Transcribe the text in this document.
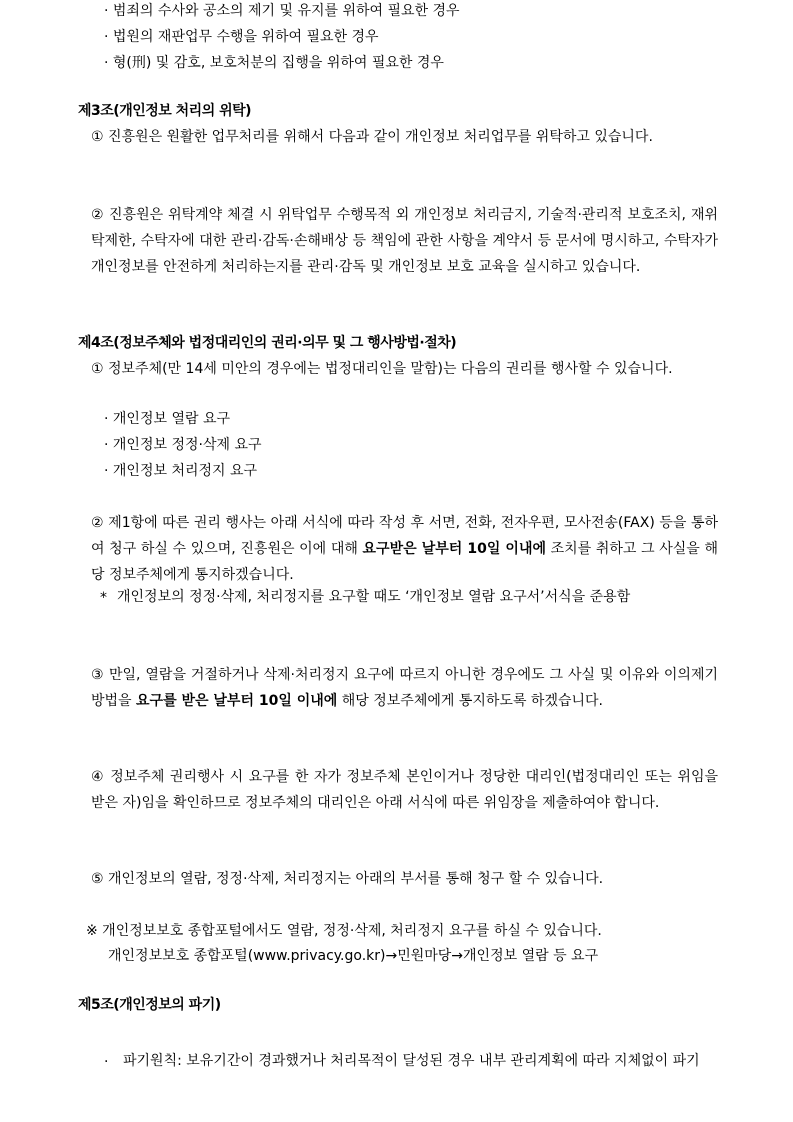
· 범죄의 수사와 공소의 제기 및 유지를 위하여 필요한 경우
· 법원의 재판업무 수행을 위하여 필요한 경우
· 형(刑) 및 감호, 보호처분의 집행을 위하여 필요한 경우
제3조(개인정보 처리의 위탁)
① 진흥원은 원활한 업무처리를 위해서 다음과 같이 개인정보 처리업무를 위탁하고 있습니다.
② 진흥원은 위탁계약 체결 시 위탁업무 수행목적 외 개인정보 처리금지, 기술적·관리적 보호조치, 재위탁제한, 수탁자에 대한 관리·감독·손해배상 등 책임에 관한 사항을 계약서 등 문서에 명시하고, 수탁자가 개인정보를 안전하게 처리하는지를 관리·감독 및 개인정보 보호 교육을 실시하고 있습니다.
제4조(정보주체와 법정대리인의 권리·의무 및 그 행사방법·절차)
① 정보주체(만 14세 미안의 경우에는 법정대리인을 말함)는 다음의 권리를 행사할 수 있습니다.
· 개인정보 열람 요구
· 개인정보 정정·삭제 요구
· 개인정보 처리정지 요구
② 제1항에 따른 권리 행사는 아래 서식에 따라 작성 후 서면, 전화, 전자우편, 모사전송(FAX) 등을 통하여 청구 하실 수 있으며, 진흥원은 이에 대해 요구받은 날부터 10일 이내에 조치를 취하고 그 사실을 해당 정보주체에게 통지하겠습니다.
* 개인정보의 정정·삭제, 처리정지를 요구할 때도 ‘개인정보 열람 요구서’서식을 준용함
③ 만일, 열람을 거절하거나 삭제·처리정지 요구에 따르지 아니한 경우에도 그 사실 및 이유와 이의제기 방법을 요구를 받은 날부터 10일 이내에 해당 정보주체에게 통지하도록 하겠습니다.
④ 정보주체 권리행사 시 요구를 한 자가 정보주체 본인이거나 정당한 대리인(법정대리인 또는 위임을 받은 자)임을 확인하므로 정보주체의 대리인은 아래 서식에 따른 위임장을 제출하여야 합니다.
⑤ 개인정보의 열람, 정정·삭제, 처리정지는 아래의 부서를 통해 청구 할 수 있습니다.
※ 개인정보보호 종합포털에서도 열람, 정정·삭제, 처리정지 요구를 하실 수 있습니다.
개인정보보호 종합포털(www.privacy.go.kr)→민원마당→개인정보 열람 등 요구
제5조(개인정보의 파기)
· 파기원칙: 보유기간이 경과했거나 처리목적이 달성된 경우 내부 관리계획에 따라 지체없이 파기
